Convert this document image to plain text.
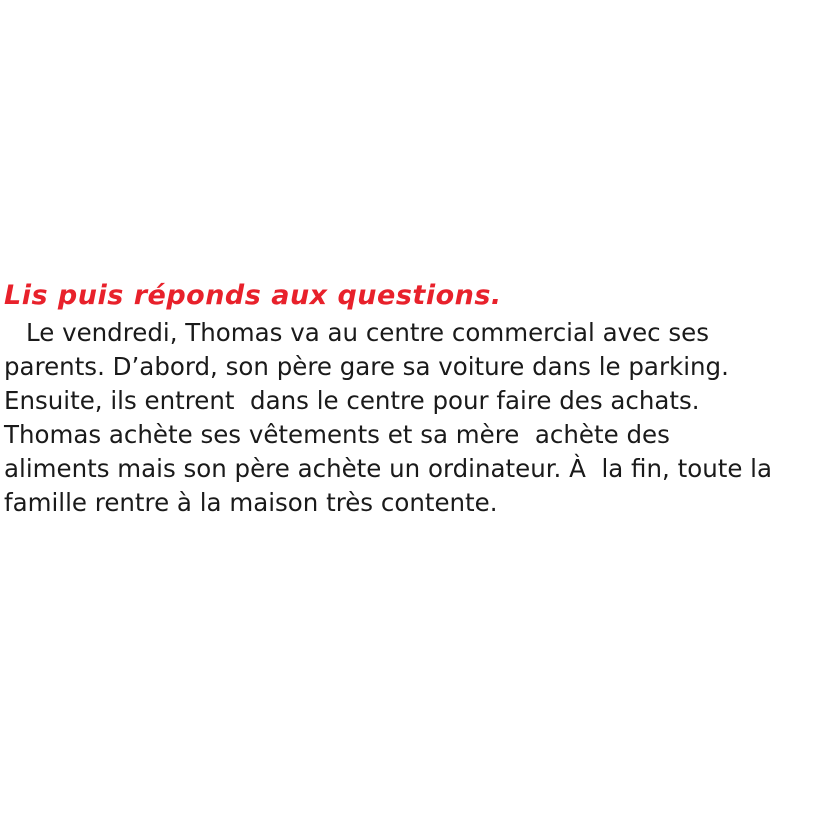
Lis puis réponds aux questions.
Le vendredi, Thomas va au centre commercial avec ses
parents. D’abord, son père gare sa voiture dans le parking.
Ensuite, ils entrent  dans le centre pour faire des achats.
Thomas achète ses vêtements et sa mère  achète des
aliments mais son père achète un ordinateur. À  la fin, toute la
famille rentre à la maison très contente.
